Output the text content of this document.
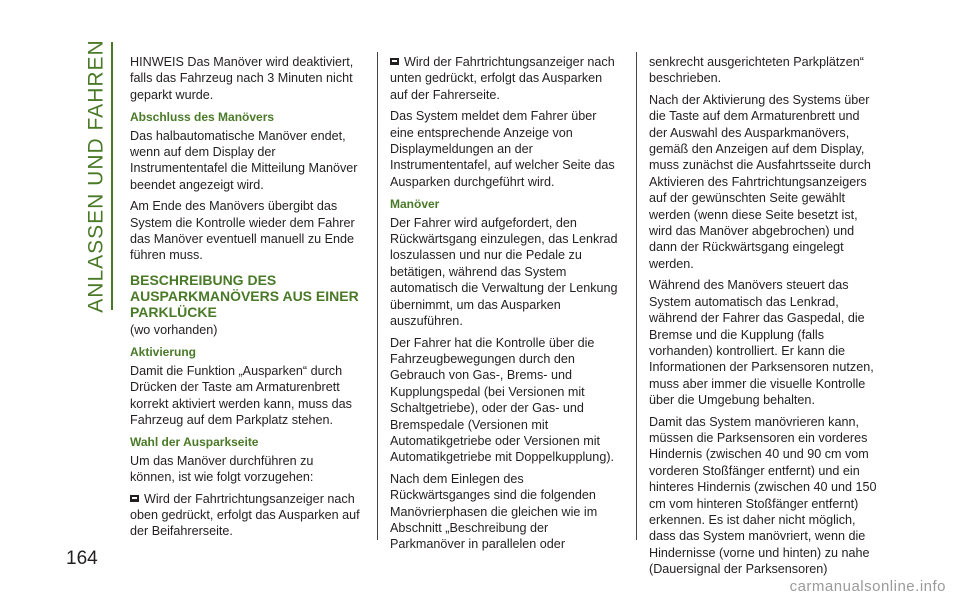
ANLASSEN UND FAHREN HINWEIS Das Manöver wird deaktiviert, falls das Fahrzeug nach 3 Minuten nicht geparkt wurde.

Abschluss des Manövers

Das halbautomatische Manöver endet, wenn auf dem Display der Instrumententafel die Mitteilung Manöver beendet angezeigt wird.

Am Ende des Manövers übergibt das System die Kontrolle wieder dem Fahrer das Manöver eventuell manuell zu Ende führen muss.

BESCHREIBUNG DES AUSPARKMANÖVERS AUS EINER PARKLÜCKE

(wo vorhanden)

Aktivierung

Damit die Funktion „Ausparken“ durch Drücken der Taste am Armaturenbrett korrekt aktiviert werden kann, muss das Fahrzeug auf dem Parkplatz stehen.

Wahl der Ausparkseite

Um das Manöver durchführen zu können, ist wie folgt vorzugehen:

Wird der Fahrtrichtungsanzeiger nach oben gedrückt, erfolgt das Ausparken auf der Beifahrerseite.

Wird der Fahrtrichtungsanzeiger nach unten gedrückt, erfolgt das Ausparken auf der Fahrerseite.

Das System meldet dem Fahrer über eine entsprechende Anzeige von Displaymeldungen an der Instrumententafel, auf welcher Seite das Ausparken durchgeführt wird.

Manöver

Der Fahrer wird aufgefordert, den Rückwärtsgang einzulegen, das Lenkrad loszulassen und nur die Pedale zu betätigen, während das System automatisch die Verwaltung der Lenkung übernimmt, um das Ausparken auszuführen.

Der Fahrer hat die Kontrolle über die Fahrzeugbewegungen durch den Gebrauch von Gas-, Brems- und Kupplungspedal (bei Versionen mit Schaltgetriebe), oder der Gas- und Bremspedale (Versionen mit Automatikgetriebe oder Versionen mit Automatikgetriebe mit Doppelkupplung).

Nach dem Einlegen des Rückwärtsganges sind die folgenden Manövrierphasen die gleichen wie im Abschnitt „Beschreibung der Parkmanöver in parallelen oder

senkrecht ausgerichteten Parkplätzen“ beschrieben.

Nach der Aktivierung des Systems über die Taste auf dem Armaturenbrett und der Auswahl des Ausparkmanövers, gemäß den Anzeigen auf dem Display, muss zunächst die Ausfahrtsseite durch Aktivieren des Fahrtrichtungsanzeigers auf der gewünschten Seite gewählt werden (wenn diese Seite besetzt ist, wird das Manöver abgebrochen) und dann der Rückwärtsgang eingelegt werden.

Während des Manövers steuert das System automatisch das Lenkrad, während der Fahrer das Gaspedal, die Bremse und die Kupplung (falls vorhanden) kontrolliert. Er kann die Informationen der Parksensoren nutzen, muss aber immer die visuelle Kontrolle über die Umgebung behalten.

Damit das System manövrieren kann, müssen die Parksensoren ein vorderes Hindernis (zwischen 40 und 90 cm vom vorderen Stoßfänger entfernt) und ein hinteres Hindernis (zwischen 40 und 150 cm vom hinteren Stoßfänger entfernt) erkennen. Es ist daher nicht möglich, dass das System manövriert, wenn die Hindernisse (vorne und hinten) zu nahe (Dauersignal der Parksensoren)

164
carmanualsonline.info
